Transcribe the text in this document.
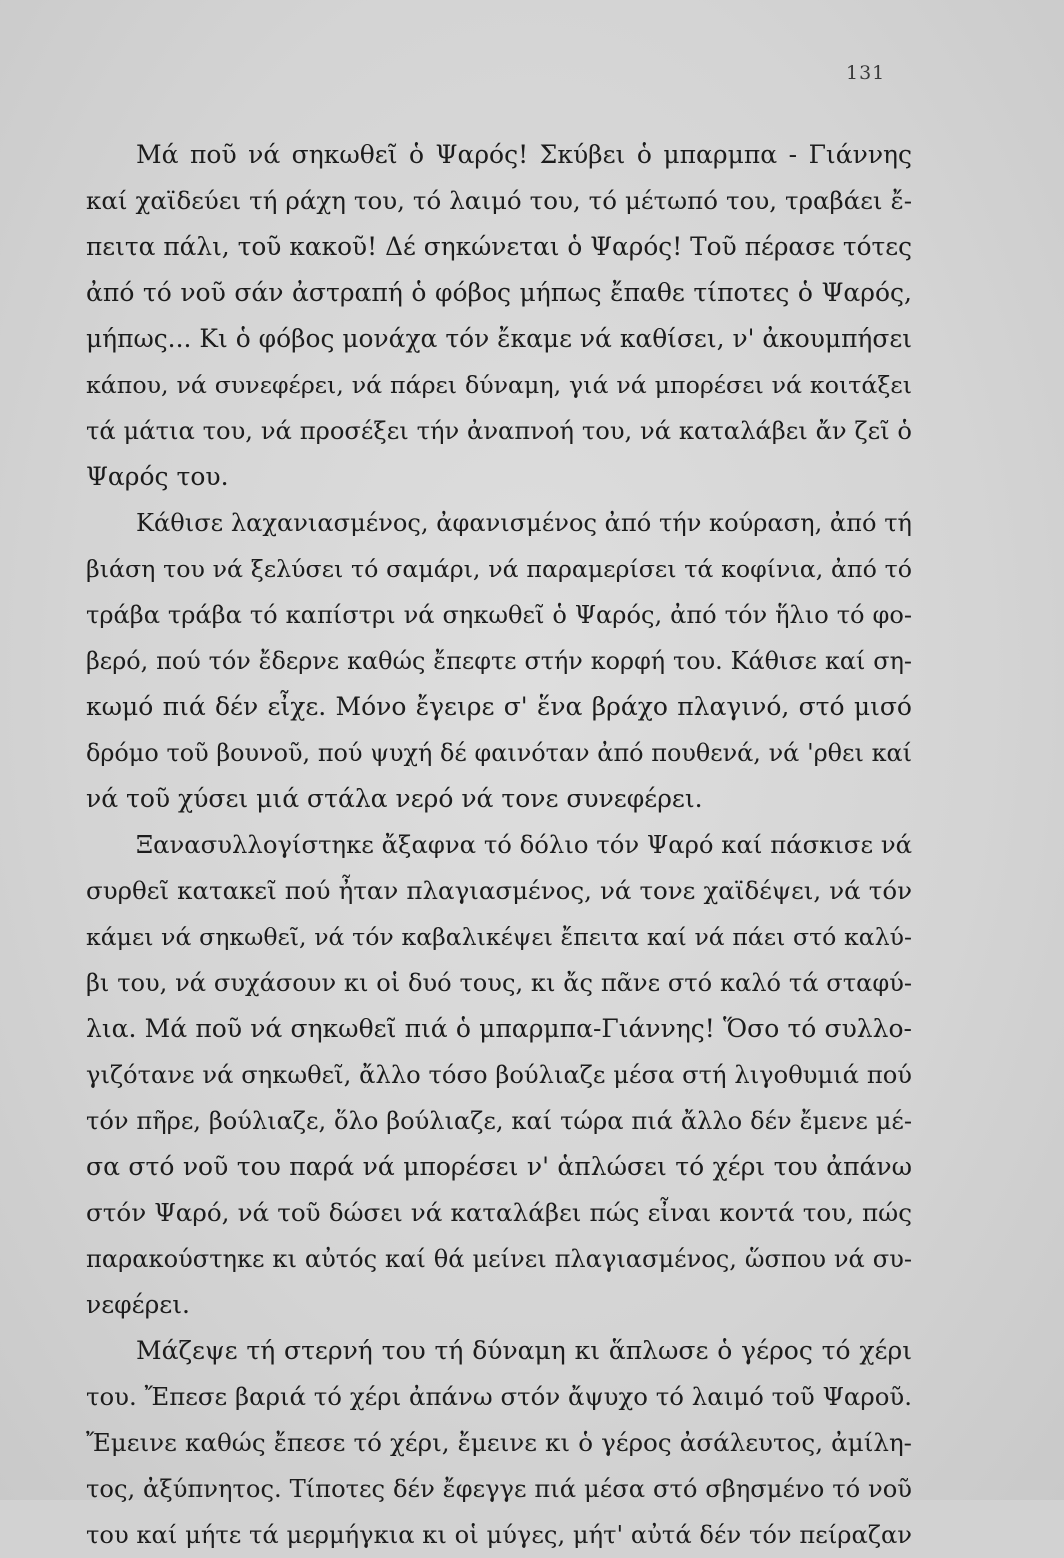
131
Μά ποῦ νά σηκωθεῖ ὁ Ψαρός! Σκύβει ὁ μπαρμπα - Γιάννης
καί χαϊδεύει τή ράχη του, τό λαιμό του, τό μέτωπό του, τραβάει ἔ-
πειτα πάλι, τοῦ κακοῦ! Δέ σηκώνεται ὁ Ψαρός! Τοῦ πέρασε τότες
ἀπό τό νοῦ σάν ἀστραπή ὁ φόβος μήπως ἔπαθε τίποτες ὁ Ψαρός,
μήπως... Κι ὁ φόβος μονάχα τόν ἔκαμε νά καθίσει, ν' ἀκουμπήσει
κάπου, νά συνεφέρει, νά πάρει δύναμη, γιά νά μπορέσει νά κοιτάξει
τά μάτια του, νά προσέξει τήν ἀναπνοή του, νά καταλάβει ἄν ζεῖ ὁ
Ψαρός του.
Κάθισε λαχανιασμένος, ἀφανισμένος ἀπό τήν κούραση, ἀπό τή
βιάση του νά ξελύσει τό σαμάρι, νά παραμερίσει τά κοφίνια, ἀπό τό
τράβα τράβα τό καπίστρι νά σηκωθεῖ ὁ Ψαρός, ἀπό τόν ἥλιο τό φο-
βερό, πού τόν ἔδερνε καθώς ἔπεφτε στήν κορφή του. Κάθισε καί ση-
κωμό πιά δέν εἶχε. Μόνο ἔγειρε σ' ἕνα βράχο πλαγινό, στό μισό
δρόμο τοῦ βουνοῦ, πού ψυχή δέ φαινόταν ἀπό πουθενά, νά 'ρθει καί
νά τοῦ χύσει μιά στάλα νερό νά τονε συνεφέρει.
Ξανασυλλογίστηκε ἄξαφνα τό δόλιο τόν Ψαρό καί πάσκισε νά
συρθεῖ κατακεῖ πού ἦταν πλαγιασμένος, νά τονε χαϊδέψει, νά τόν
κάμει νά σηκωθεῖ, νά τόν καβαλικέψει ἔπειτα καί νά πάει στό καλύ-
βι του, νά συχάσουν κι οἱ δυό τους, κι ἄς πᾶνε στό καλό τά σταφύ-
λια. Μά ποῦ νά σηκωθεῖ πιά ὁ μπαρμπα-Γιάννης! Ὅσο τό συλλο-
γιζότανε νά σηκωθεῖ, ἄλλο τόσο βούλιαζε μέσα στή λιγοθυμιά πού
τόν πῆρε, βούλιαζε, ὅλο βούλιαζε, καί τώρα πιά ἄλλο δέν ἔμενε μέ-
σα στό νοῦ του παρά νά μπορέσει ν' ἁπλώσει τό χέρι του ἀπάνω
στόν Ψαρό, νά τοῦ δώσει νά καταλάβει πώς εἶναι κοντά του, πώς
παρακούστηκε κι αὐτός καί θά μείνει πλαγιασμένος, ὥσπου νά συ-
νεφέρει.
Μάζεψε τή στερνή του τή δύναμη κι ἅπλωσε ὁ γέρος τό χέρι
του. Ἔπεσε βαριά τό χέρι ἀπάνω στόν ἄψυχο τό λαιμό τοῦ Ψαροῦ.
Ἔμεινε καθώς ἔπεσε τό χέρι, ἔμεινε κι ὁ γέρος ἀσάλευτος, ἀμίλη-
τος, ἀξύπνητος. Τίποτες δέν ἔφεγγε πιά μέσα στό σβησμένο τό νοῦ
του καί μήτε τά μερμήγκια κι οἱ μύγες, μήτ' αὐτά δέν τόν πείραζαν
